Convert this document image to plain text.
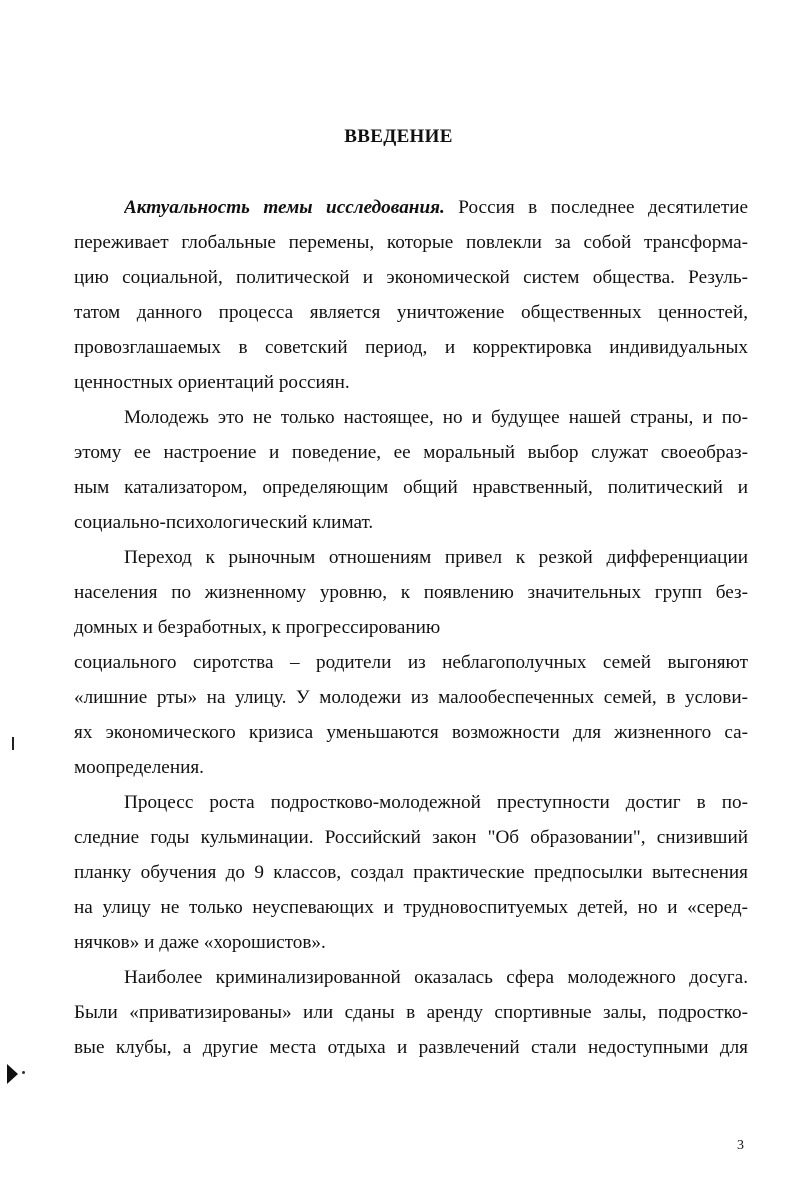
ВВЕДЕНИЕ
Актуальность темы исследования. Россия в последнее десятилетие
переживает глобальные перемены, которые повлекли за собой трансформа-
цию социальной, политической и экономической систем общества. Резуль-
татом данного процесса является уничтожение общественных ценностей,
провозглашаемых в советский период, и корректировка индивидуальных
ценностных ориентаций россиян.
Молодежь это не только настоящее, но и будущее нашей страны, и по-
этому ее настроение и поведение, ее моральный выбор служат своеобраз-
ным катализатором, определяющим общий нравственный, политический и
социально-психологический климат.
Переход к рыночным отношениям привел к резкой дифференциации
населения по жизненному уровню, к появлению значительных групп без-
домных и безработных, к прогрессированию
социального сиротства – родители из неблагополучных семей выгоняют
«лишние рты» на улицу. У молодежи из малообеспеченных семей, в услови-
ях экономического кризиса уменьшаются возможности для жизненного са-
моопределения.
Процесс роста подростково-молодежной преступности достиг в по-
следние годы кульминации. Российский закон "Об образовании", снизивший
планку обучения до 9 классов, создал практические предпосылки вытеснения
на улицу не только неуспевающих и трудновоспитуемых детей, но и «серед-
нячков» и даже «хорошистов».
Наиболее криминализированной оказалась сфера молодежного досуга.
Были «приватизированы» или сданы в аренду спортивные залы, подростко-
вые клубы, а другие места отдыха и развлечений стали недоступными для
3
